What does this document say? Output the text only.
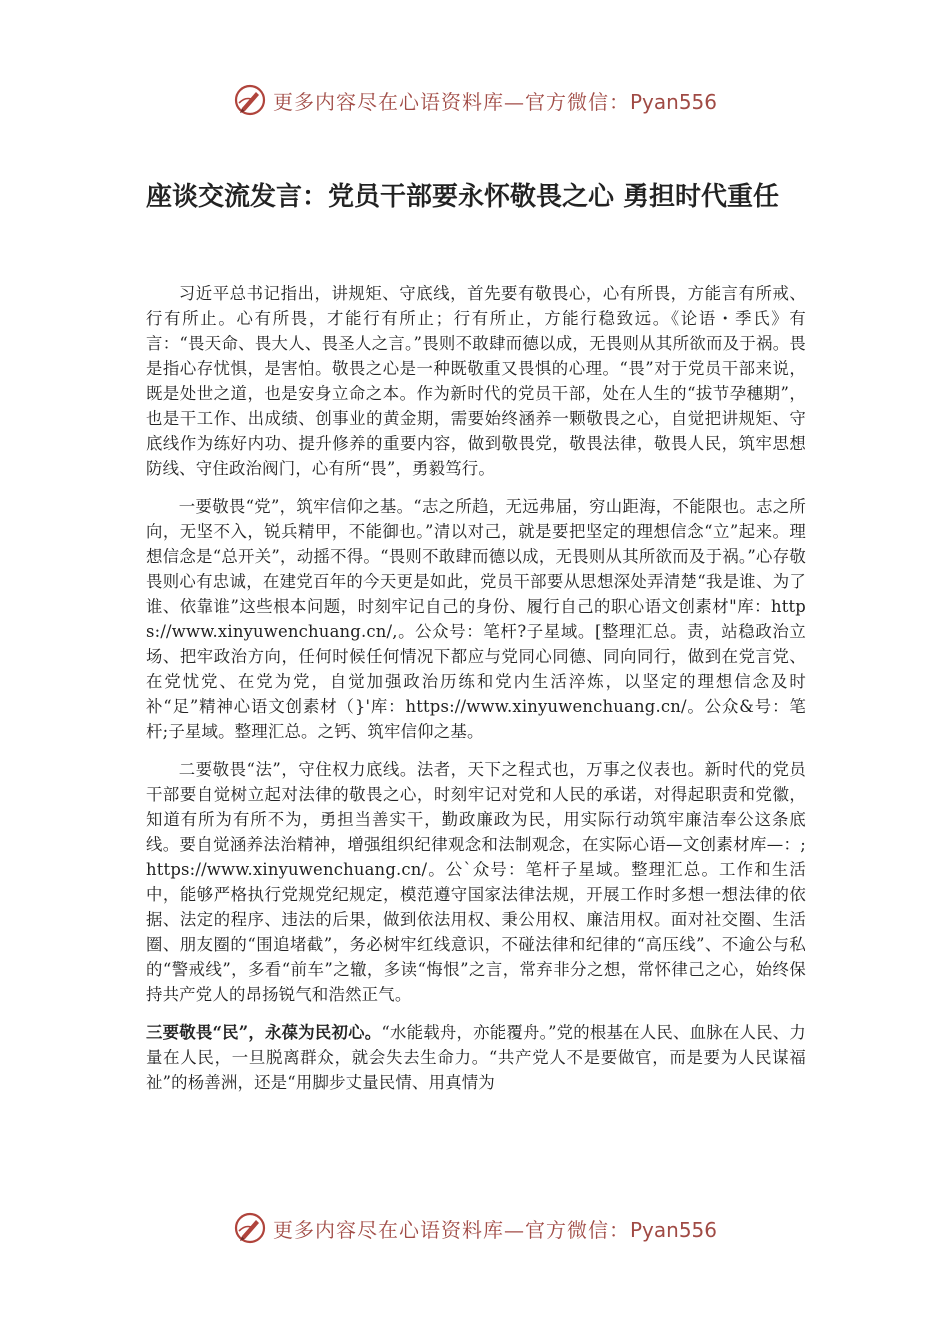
更多内容尽在心语资料库—官方微信：Pyan556
座谈交流发言：党员干部要永怀敬畏之心 勇担时代重任

习近平总书记指出，讲规矩、守底线，首先要有敬畏心，心有所畏，方能言有所戒、行有所止。心有所畏，才能行有所止；行有所止，方能行稳致远。《论语・季氏》有言：“畏天命、畏大人、畏圣人之言。”畏则不敢肆而德以成，无畏则从其所欲而及于祸。畏是指心存忧惧，是害怕。敬畏之心是一种既敬重又畏惧的心理。“畏”对于党员干部来说，既是处世之道，也是安身立命之本。作为新时代的党员干部，处在人生的“拔节孕穗期”，也是干工作、出成绩、创事业的黄金期，需要始终涵养一颗敬畏之心，自觉把讲规矩、守底线作为练好内功、提升修养的重要内容，做到敬畏党，敬畏法律，敬畏人民，筑牢思想防线、守住政治阀门，心有所“畏”，勇毅笃行。

一要敬畏“党”，筑牢信仰之基。“志之所趋，无远弗届，穷山距海，不能限也。志之所向，无坚不入，锐兵精甲，不能御也。”清以对己，就是要把坚定的理想信念“立”起来。理想信念是“总开关”，动摇不得。“畏则不敢肆而德以成，无畏则从其所欲而及于祸。”心存敬畏则心有忠诚，在建党百年的今天更是如此，党员干部要从思想深处弄清楚“我是谁、为了谁、依靠谁”这些根本问题，时刻牢记自己的身份、履行自己的职心语文创素材"库：https://www.xinyuwenchuang.cn/,。公众号：笔杆?子星域。[整理汇总。责，站稳政治立场、把牢政治方向，任何时候任何情况下都应与党同心同德、同向同行，做到在党言党、在党忧党、在党为党，自觉加强政治历练和党内生活淬炼，以坚定的理想信念及时补“足”精神心语文创素材（}'库：https://www.xinyuwenchuang.cn/。公众&号：笔杆;子星域。整理汇总。之钙、筑牢信仰之基。

二要敬畏“法”，守住权力底线。法者，天下之程式也，万事之仪表也。新时代的党员干部要自觉树立起对法律的敬畏之心，时刻牢记对党和人民的承诺，对得起职责和党徽，知道有所为有所不为，勇担当善实干，勤政廉政为民，用实际行动筑牢廉洁奉公这条底线。要自觉涵养法治精神，增强组织纪律观念和法制观念，在实际心语—文创素材库—：;https://www.xinyuwenchuang.cn/。公`众号：笔杆子星域。整理汇总。工作和生活中，能够严格执行党规党纪规定，模范遵守国家法律法规，开展工作时多想一想法律的依据、法定的程序、违法的后果，做到依法用权、秉公用权、廉洁用权。面对社交圈、生活圈、朋友圈的“围追堵截”，务必树牢红线意识，不碰法律和纪律的“高压线”、不逾公与私的“警戒线”，多看“前车”之辙，多读“悔恨”之言，常弃非分之想，常怀律己之心，始终保持共产党人的昂扬锐气和浩然正气。

三要敬畏“民”，永葆为民初心。“水能载舟，亦能覆舟。”党的根基在人民、血脉在人民、力量在人民，一旦脱离群众，就会失去生命力。“共产党人不是要做官，而是要为人民谋福祉”的杨善洲，还是“用脚步丈量民情、用真情为

更多内容尽在心语资料库—官方微信：Pyan556
